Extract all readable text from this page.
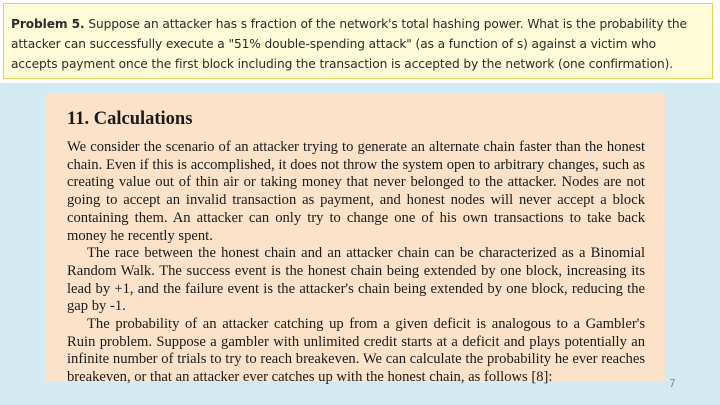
Problem 5. Suppose an attacker has s fraction of the network's total hashing power. What is the probability the attacker can successfully execute a "51% double-spending attack" (as a function of s) against a victim who accepts payment once the first block including the transaction is accepted by the network (one confirmation).
11. Calculations

We consider the scenario of an attacker trying to generate an alternate chain faster than the honest chain. Even if this is accomplished, it does not throw the system open to arbitrary changes, such as creating value out of thin air or taking money that never belonged to the attacker. Nodes are not going to accept an invalid transaction as payment, and honest nodes will never accept a block containing them. An attacker can only try to change one of his own transactions to take back money he recently spent.

The race between the honest chain and an attacker chain can be characterized as a Binomial Random Walk. The success event is the honest chain being extended by one block, increasing its lead by +1, and the failure event is the attacker's chain being extended by one block, reducing the gap by -1.

The probability of an attacker catching up from a given deficit is analogous to a Gambler's Ruin problem. Suppose a gambler with unlimited credit starts at a deficit and plays potentially an infinite number of trials to try to reach breakeven. We can calculate the probability he ever reaches breakeven, or that an attacker ever catches up with the honest chain, as follows [8]:	7
